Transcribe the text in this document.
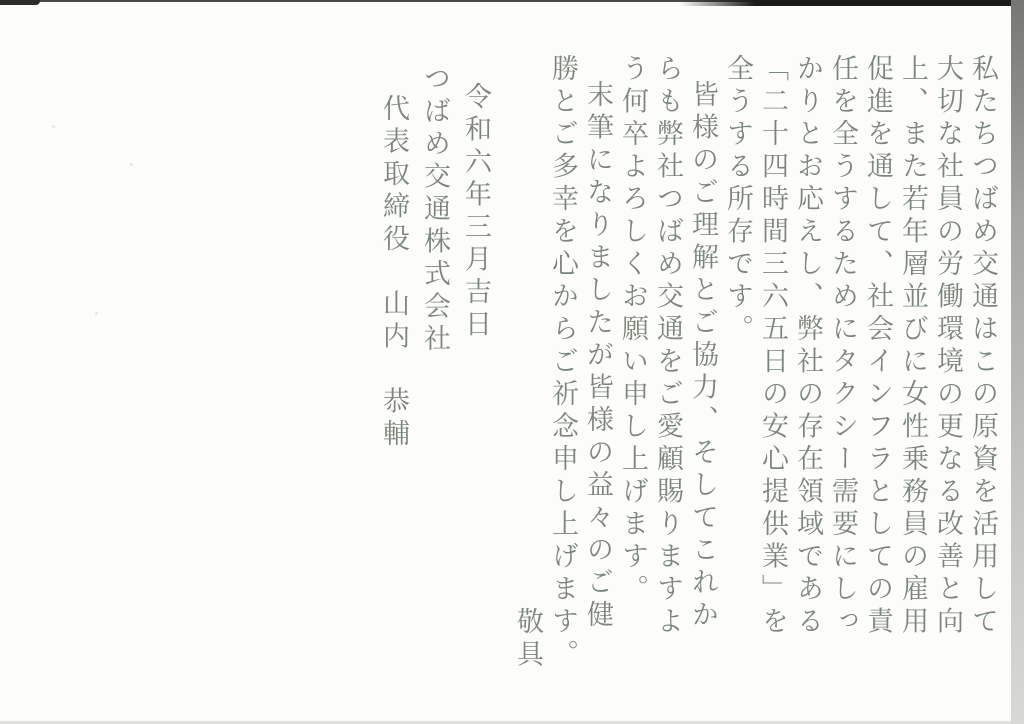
私たちつばめ交通はこの原資を活用して
大切な社員の労働環境の更なる改善と向
上、また若年層並びに女性乗務員の雇用
促進を通して、社会インフラとしての責
任を全うするためにタクシー需要にしっ
かりとお応えし、弊社の存在領域である
「二十四時間三六五日の安心提供業」を
全うする所存です。
皆様のご理解とご協力、そしてこれか
らも弊社つばめ交通をご愛顧賜りますよ
う何卒よろしくお願い申し上げます。
末筆になりましたが皆様の益々のご健
勝とご多幸を心からご祈念申し上げます。
敬具
令和六年三月吉日
つばめ交通株式会社
代表取締役　山内　恭輔
